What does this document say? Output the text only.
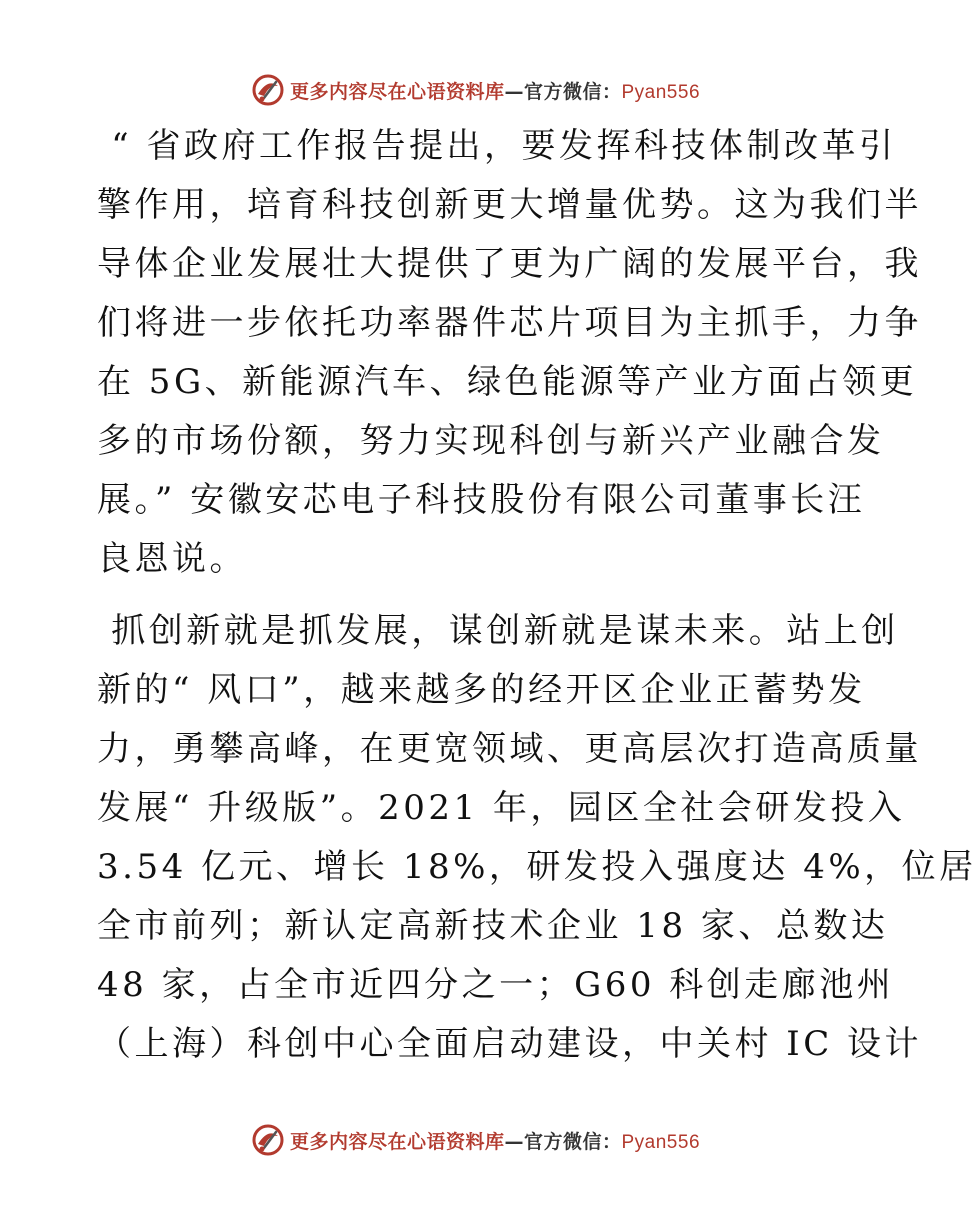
更多内容尽在心语资料库—官方微信：Pyan556
“ 省政府工作报告提出，要发挥科技体制改革引
擎作用，培育科技创新更大增量优势。这为我们半
导体企业发展壮大提供了更为广阔的发展平台，我
们将进一步依托功率器件芯片项目为主抓手，力争
在 5G、新能源汽车、绿色能源等产业方面占领更
多的市场份额，努力实现科创与新兴产业融合发
展。” 安徽安芯电子科技股份有限公司董事长汪
良恩说。
抓创新就是抓发展，谋创新就是谋未来。站上创
新的“ 风口”，越来越多的经开区企业正蓄势发
力，勇攀高峰，在更宽领域、更高层次打造高质量
发展“ 升级版”。2021 年，园区全社会研发投入
3.54 亿元、增长 18%，研发投入强度达 4%，位居
全市前列；新认定高新技术企业 18 家、总数达
48 家，占全市近四分之一；G60 科创走廊池州
（上海）科创中心全面启动建设，中关村 IC 设计
更多内容尽在心语资料库—官方微信：Pyan556
